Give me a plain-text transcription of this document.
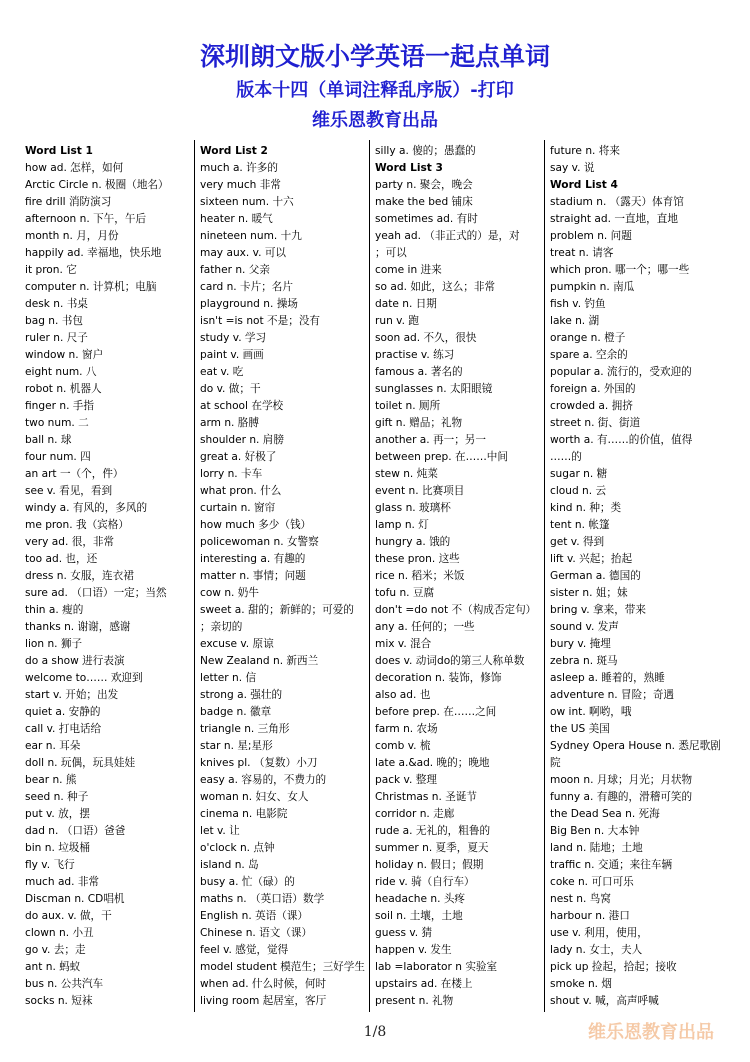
深圳朗文版小学英语一起点单词
版本十四（单词注释乱序版）-打印
维乐恩教育出品
Word List 1
how ad. 怎样，如何
Arctic Circle n. 极圈（地名）
fire drill 消防演习
afternoon n. 下午，午后
month n. 月，月份
happily ad. 幸福地，快乐地
it pron. 它
computer n. 计算机；电脑
desk n. 书桌
bag n. 书包
ruler n. 尺子
window n. 窗户
eight num. 八
robot n. 机器人
finger n. 手指
two num. 二
ball n. 球
four num. 四
an art 一（个，件）
see v. 看见，看到
windy a. 有风的，多风的
me pron. 我（宾格）
very ad. 很，非常
too ad. 也，还
dress n. 女服，连衣裙
sure ad. （口语）一定；当然
thin a. 瘦的
thanks n. 谢谢，感谢
lion n. 狮子
do a show 进行表演
welcome to…… 欢迎到
start v. 开始；出发
quiet a. 安静的
call v. 打电话给
ear n. 耳朵
doll n. 玩偶，玩具娃娃
bear n. 熊
seed n. 种子
put v. 放，摆
dad n. （口语）爸爸
bin n. 垃圾桶
fly v. 飞行
much ad. 非常
Discman n. CD唱机
do aux. v. 做，干
clown n. 小丑
go v. 去；走
ant n. 蚂蚁
bus n. 公共汽车
socks n. 短袜
Word List 2
much a. 许多的
very much 非常
sixteen num. 十六
heater n. 暖气
nineteen num. 十九
may aux. v. 可以
father n. 父亲
card n. 卡片；名片
playground n. 操场
isn't =is not 不是；没有
study v. 学习
paint v. 画画
eat v. 吃
do v. 做；干
at school 在学校
arm n. 胳膊
shoulder n. 肩膀
great a. 好极了
lorry n. 卡车
what pron. 什么
curtain n. 窗帘
how much 多少（钱）
policewoman n. 女警察
interesting a. 有趣的
matter n. 事情；问题
cow n. 奶牛
sweet a. 甜的；新鲜的；可爱的
；亲切的
excuse v. 原谅
New Zealand n. 新西兰
letter n. 信
strong a. 强壮的
badge n. 徽章
triangle n. 三角形
star n. 星;星形
knives pl. （复数）小刀
easy a. 容易的，不费力的
woman n. 妇女、女人
cinema n. 电影院
let v. 让
o'clock n. 点钟
island n. 岛
busy a. 忙（碌）的
maths n. （英口语）数学
English n. 英语（课）
Chinese n. 语文（课）
feel v. 感觉，觉得
model student 模范生；三好学生
when ad. 什么时候，何时
living room 起居室，客厅
silly a. 傻的；愚蠢的
Word List 3
party n. 聚会，晚会
make the bed 铺床
sometimes ad. 有时
yeah ad. （非正式的）是，对
；可以
come in 进来
so ad. 如此，这么；非常
date n. 日期
run v. 跑
soon ad. 不久，很快
practise v. 练习
famous a. 著名的
sunglasses n. 太阳眼镜
toilet n. 厕所
gift n. 赠品；礼物
another a. 再一；另一
between prep. 在……中间
stew n. 炖菜
event n. 比赛项目
glass n. 玻璃杯
lamp n. 灯
hungry a. 饿的
these pron. 这些
rice n. 稻米；米饭
tofu n. 豆腐
don't =do not 不（构成否定句）
any a. 任何的；一些
mix v. 混合
does v. 动词do的第三人称单数
decoration n. 装饰，修饰
also ad. 也
before prep. 在……之间
farm n. 农场
comb v. 梳
late a.&ad. 晚的；晚地
pack v. 整理
Christmas n. 圣诞节
corridor n. 走廊
rude a. 无礼的，粗鲁的
summer n. 夏季，夏天
holiday n. 假日；假期
ride v. 骑（自行车）
headache n. 头疼
soil n. 土壤，土地
guess v. 猜
happen v. 发生
lab =laborator n 实验室
upstairs ad. 在楼上
present n. 礼物
future n. 将来
say v. 说
Word List 4
stadium n. （露天）体育馆
straight ad. 一直地，直地
problem n. 问题
treat n. 请客
which pron. 哪一个；哪一些
pumpkin n. 南瓜
fish v. 钓鱼
lake n. 湖
orange n. 橙子
spare a. 空余的
popular a. 流行的，受欢迎的
foreign a. 外国的
crowded a. 拥挤
street n. 街、街道
worth a. 有……的价值，值得
……的
sugar n. 糖
cloud n. 云
kind n. 种；类
tent n. 帐篷
get v. 得到
lift v. 兴起；抬起
German a. 德国的
sister n. 姐；妹
bring v. 拿来，带来
sound v. 发声
bury v. 掩埋
zebra n. 斑马
asleep a. 睡着的，熟睡
adventure n. 冒险；奇遇
ow int. 啊哟，哦
the US 美国
Sydney Opera House n. 悉尼歌剧
院
moon n. 月球；月光；月状物
funny a. 有趣的，滑稽可笑的
the Dead Sea n. 死海
Big Ben n. 大本钟
land n. 陆地；土地
traffic n. 交通；来往车辆
coke n. 可口可乐
nest n. 鸟窝
harbour n. 港口
use v. 利用，使用，
lady n. 女士，夫人
pick up 捡起，拾起；接收
smoke n. 烟
shout v. 喊，高声呼喊
1/8	维乐恩教育出品
